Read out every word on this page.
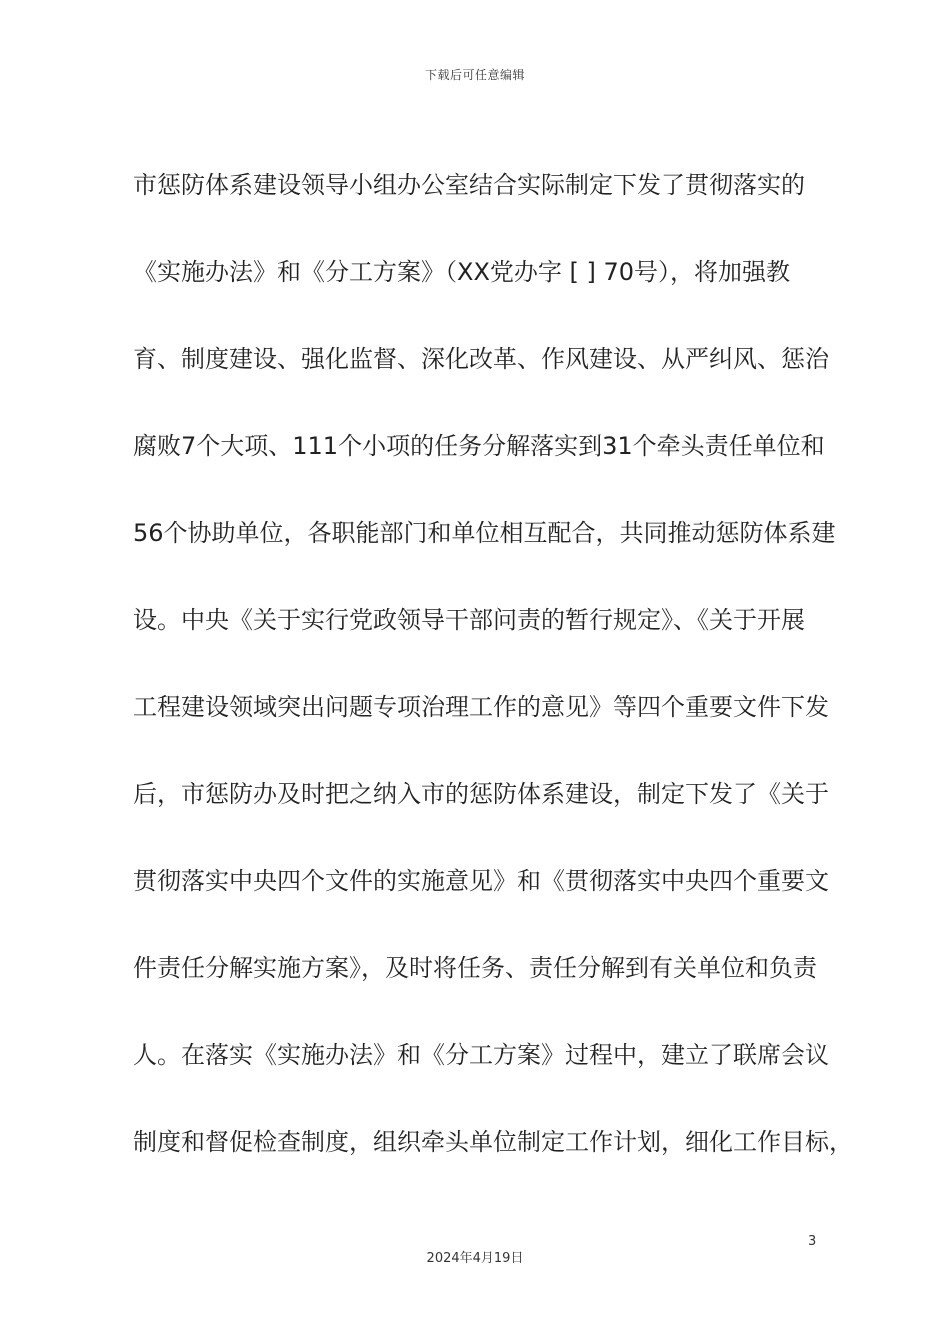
下载后可任意编辑
市惩防体系建设领导小组办公室结合实际制定下发了贯彻落实的
《实施办法》和《分工方案》（XX党办字 [ ] 70号），将加强教
育、制度建设、强化监督、深化改革、作风建设、从严纠风、惩治
腐败7个大项、111个小项的任务分解落实到31个牵头责任单位和
56个协助单位，各职能部门和单位相互配合，共同推动惩防体系建
设。中央《关于实行党政领导干部问责的暂行规定》、《关于开展
工程建设领域突出问题专项治理工作的意见》等四个重要文件下发
后，市惩防办及时把之纳入市的惩防体系建设，制定下发了《关于
贯彻落实中央四个文件的实施意见》和《贯彻落实中央四个重要文
件责任分解实施方案》，及时将任务、责任分解到有关单位和负责
人。在落实《实施办法》和《分工方案》过程中，建立了联席会议
制度和督促检查制度，组织牵头单位制定工作计划，细化工作目标，
3
2024年4月19日
